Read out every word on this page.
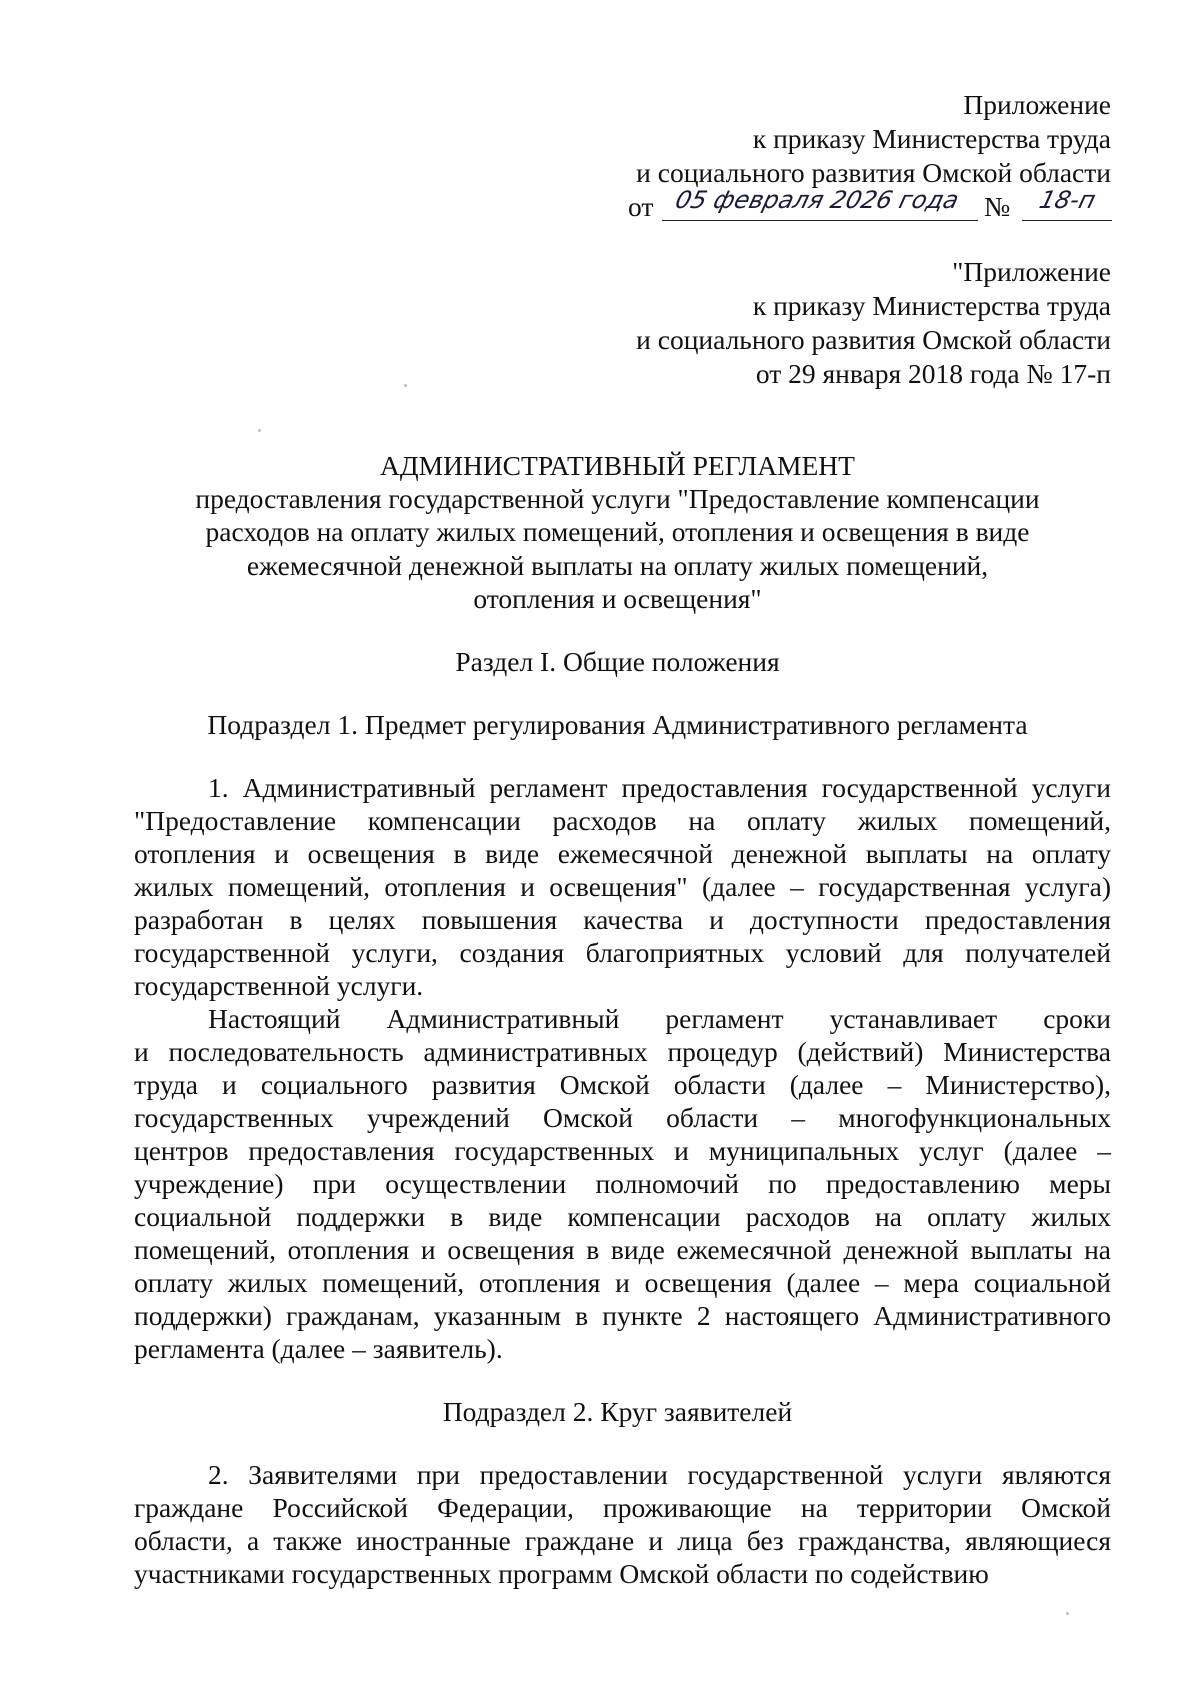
Приложение
к приказу Министерства труда
и социального развития Омской области
от 05 февраля 2026 года № 18-п
"Приложение
к приказу Министерства труда
и социального развития Омской области
от 29 января 2018 года № 17-п
АДМИНИСТРАТИВНЫЙ РЕГЛАМЕНТ
предоставления государственной услуги "Предоставление компенсации
расходов на оплату жилых помещений, отопления и освещения в виде
ежемесячной денежной выплаты на оплату жилых помещений,
отопления и освещения"
Раздел I. Общие положения
Подраздел 1. Предмет регулирования Административного регламента
1. Административный регламент предоставления государственной услуги
"Предоставление компенсации расходов на оплату жилых помещений,
отопления и освещения в виде ежемесячной денежной выплаты на оплату
жилых помещений, отопления и освещения" (далее – государственная услуга)
разработан в целях повышения качества и доступности предоставления
государственной услуги, создания благоприятных условий для получателей
государственной услуги.
Настоящий Административный регламент устанавливает сроки
и последовательность административных процедур (действий) Министерства
труда и социального развития Омской области (далее – Министерство),
государственных учреждений Омской области – многофункциональных
центров предоставления государственных и муниципальных услуг (далее –
учреждение) при осуществлении полномочий по предоставлению меры
социальной поддержки в виде компенсации расходов на оплату жилых
помещений, отопления и освещения в виде ежемесячной денежной выплаты на
оплату жилых помещений, отопления и освещения (далее – мера социальной
поддержки) гражданам, указанным в пункте 2 настоящего Административного
регламента (далее – заявитель).
Подраздел 2. Круг заявителей
2. Заявителями при предоставлении государственной услуги являются
граждане Российской Федерации, проживающие на территории Омской
области, а также иностранные граждане и лица без гражданства, являющиеся
участниками государственных программ Омской области по содействию
